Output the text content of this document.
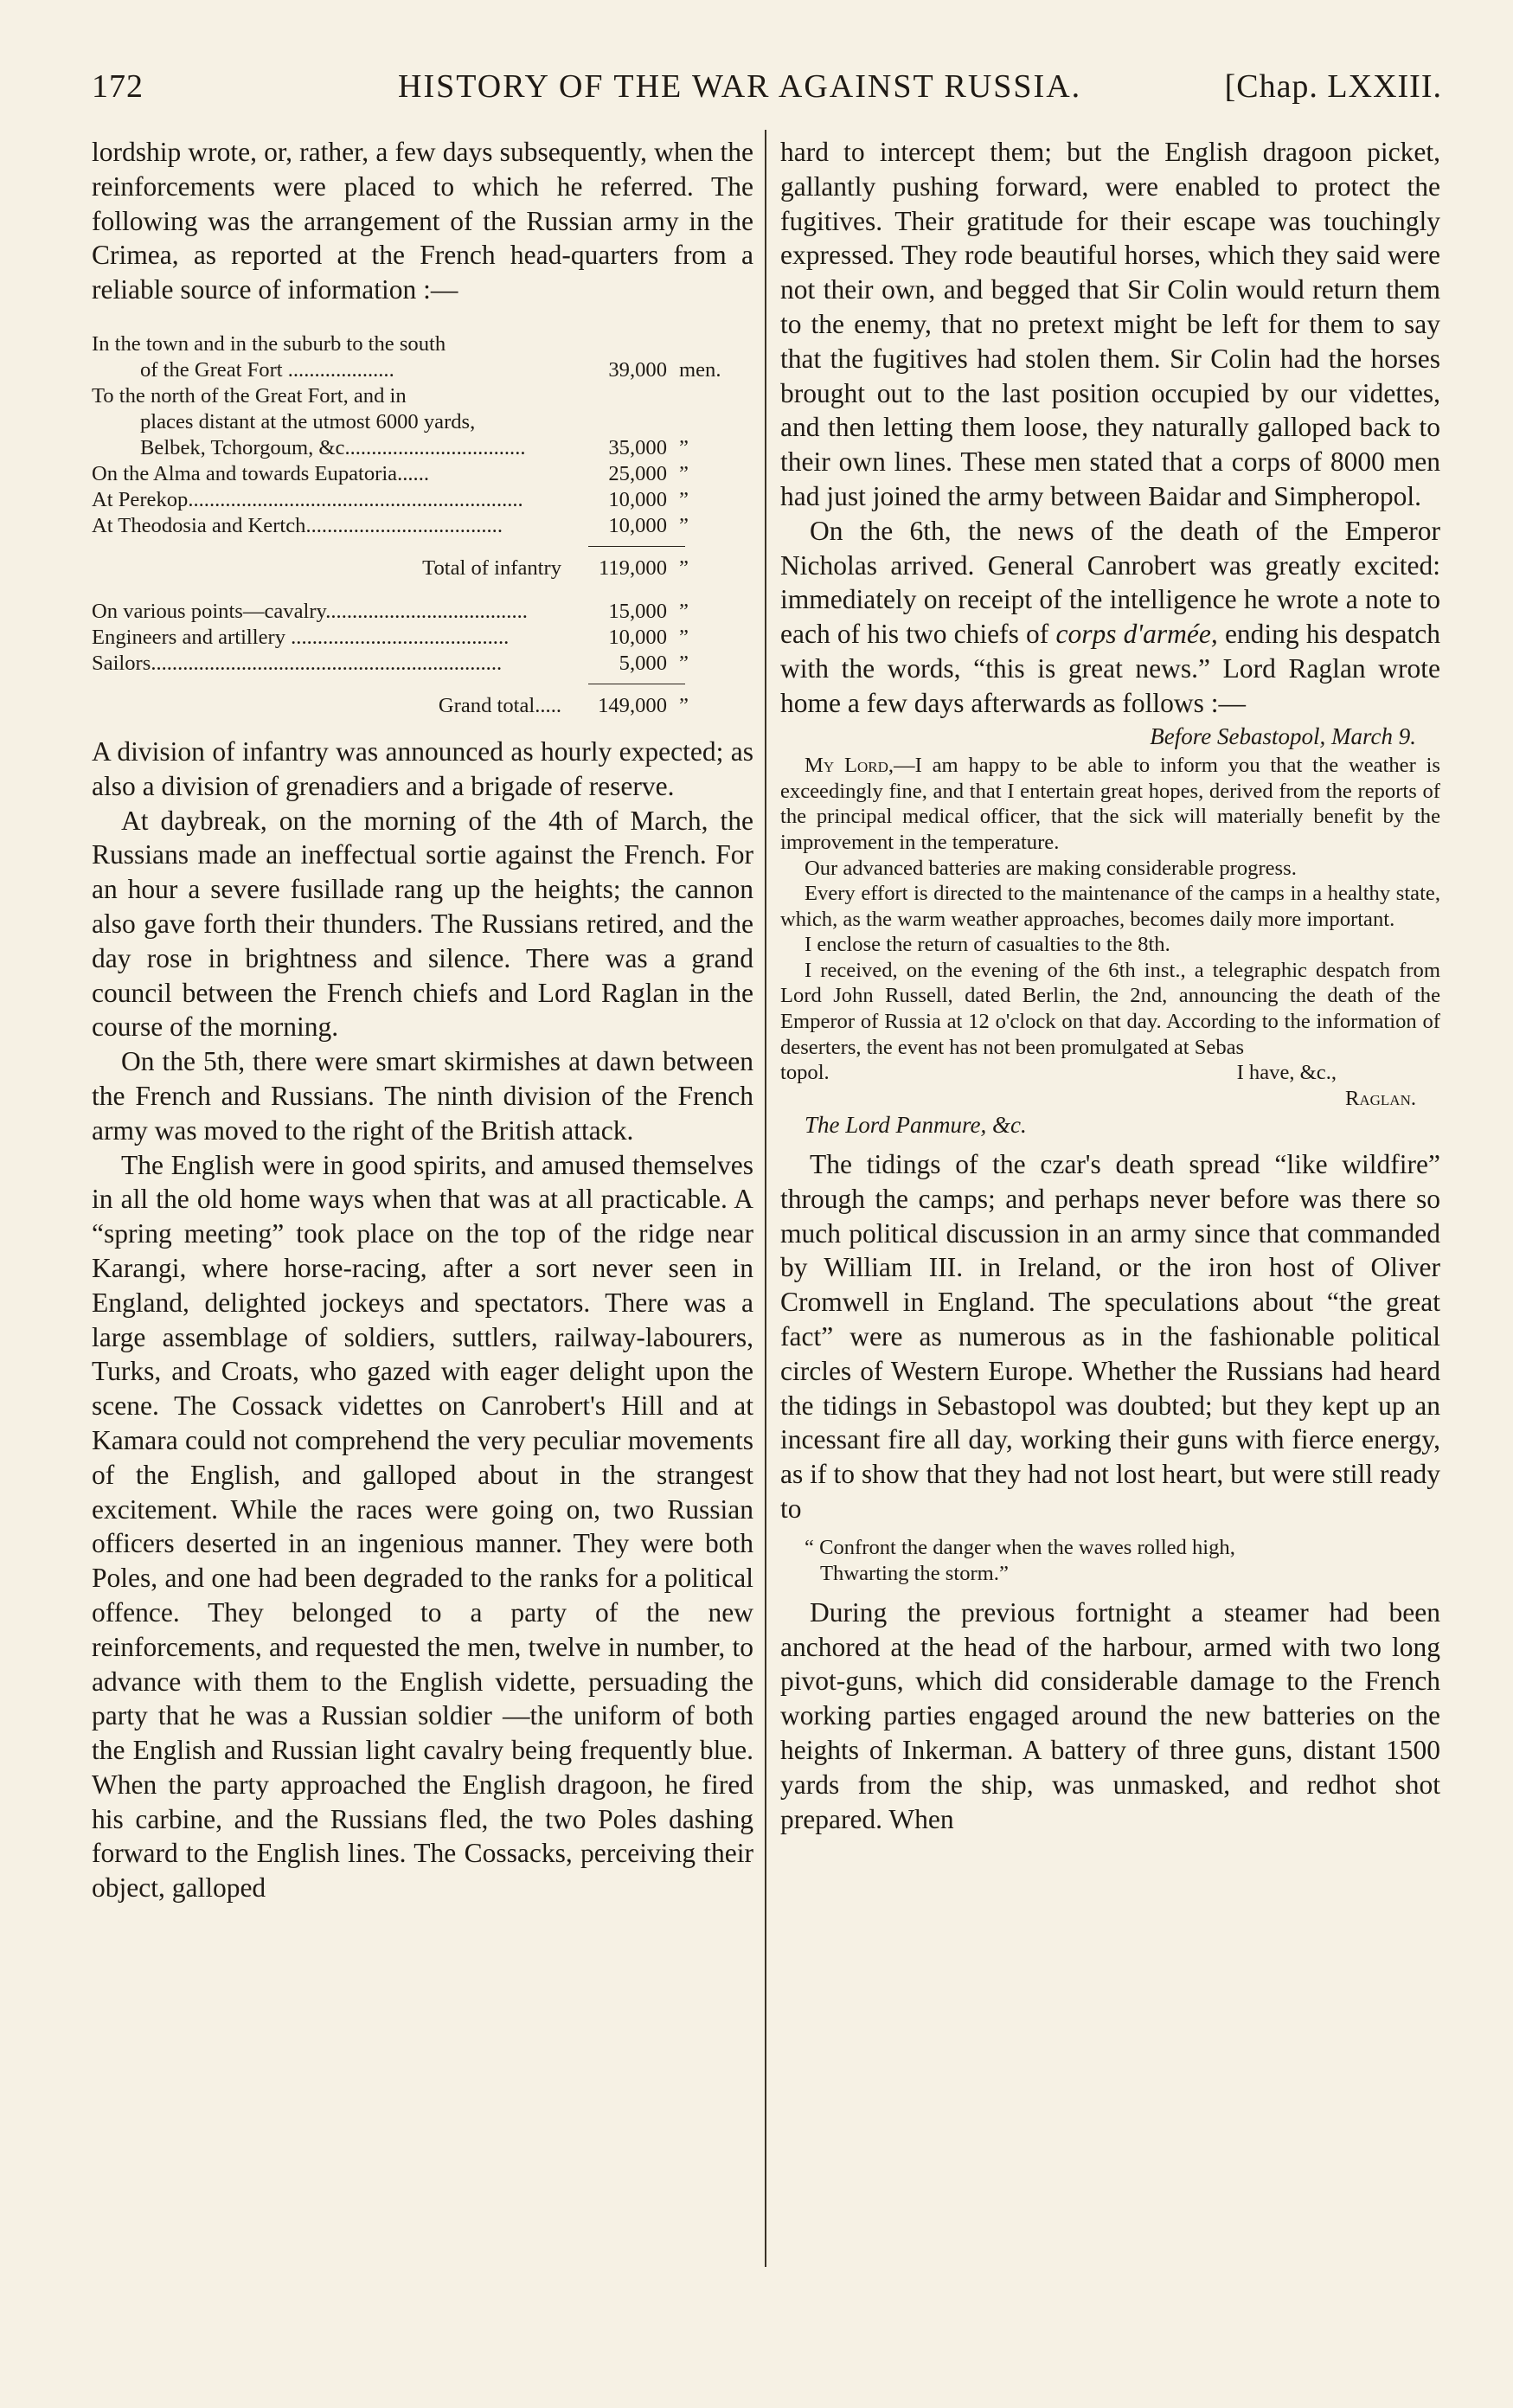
172	HISTORY OF THE WAR AGAINST RUSSIA.	[Chap. LXXIII.

lordship wrote, or, rather, a few days subsequently, when the reinforcements were placed to which he referred. The following was the arrangement of the Russian army in the Crimea, as reported at the French head-quarters from a reliable source of information :—

In the town and in the suburb to the south
of the Great Fort ....................	39,000 men.
To the north of the Great Fort, and in
places distant at the utmost 6000 yards,
Belbek, Tchorgoum, &c..................................	35,000 ”
On the Alma and towards Eupatoria......	25,000 ”
At Perekop...............................................................	10,000 ”
At Theodosia and Kertch.....................................	10,000 ”
Total of infantry	119,000 ”
On various points—cavalry......................................	15,000 ”
Engineers and artillery .........................................	10,000 ”
Sailors..................................................................	5,000 ”
Grand total.....	149,000 ”

A division of infantry was announced as hourly expected; as also a division of grenadiers and a brigade of reserve.

At daybreak, on the morning of the 4th of March, the Russians made an ineffectual sortie against the French. For an hour a severe fusillade rang up the heights; the cannon also gave forth their thunders. The Russians retired, and the day rose in brightness and silence. There was a grand council between the French chiefs and Lord Raglan in the course of the morning.

On the 5th, there were smart skirmishes at dawn between the French and Russians. The ninth division of the French army was moved to the right of the British attack.

The English were in good spirits, and amused themselves in all the old home ways when that was at all practicable. A “spring meeting” took place on the top of the ridge near Karangi, where horse-racing, after a sort never seen in England, delighted jockeys and spectators. There was a large assemblage of soldiers, suttlers, railway-labourers, Turks, and Croats, who gazed with eager delight upon the scene. The Cossack videttes on Canrobert's Hill and at Kamara could not comprehend the very peculiar movements of the English, and galloped about in the strangest excitement. While the races were going on, two Russian officers deserted in an ingenious manner. They were both Poles, and one had been degraded to the ranks for a political offence. They belonged to a party of the new reinforcements, and requested the men, twelve in number, to advance with them to the English vidette, persuading the party that he was a Russian soldier —the uniform of both the English and Russian light cavalry being frequently blue. When the party approached the English dragoon, he fired his carbine, and the Russians fled, the two Poles dashing forward to the English lines. The Cossacks, perceiving their object, galloped

hard to intercept them; but the English dragoon picket, gallantly pushing forward, were enabled to protect the fugitives. Their gratitude for their escape was touchingly expressed. They rode beautiful horses, which they said were not their own, and begged that Sir Colin would return them to the enemy, that no pretext might be left for them to say that the fugitives had stolen them. Sir Colin had the horses brought out to the last position occupied by our videttes, and then letting them loose, they naturally galloped back to their own lines. These men stated that a corps of 8000 men had just joined the army between Baidar and Simpheropol.

On the 6th, the news of the death of the Emperor Nicholas arrived. General Canrobert was greatly excited: immediately on receipt of the intelligence he wrote a note to each of his two chiefs of corps d'armée, ending his despatch with the words, “this is great news.” Lord Raglan wrote home a few days afterwards as follows :—

Before Sebastopol, March 9.
My Lord,—I am happy to be able to inform you that the weather is exceedingly fine, and that I entertain great hopes, derived from the reports of the principal medical officer, that the sick will materially benefit by the improvement in the temperature.
Our advanced batteries are making considerable progress.
Every effort is directed to the maintenance of the camps in a healthy state, which, as the warm weather approaches, becomes daily more important.
I enclose the return of casualties to the 8th.
I received, on the evening of the 6th inst., a telegraphic despatch from Lord John Russell, dated Berlin, the 2nd, announcing the death of the Emperor of Russia at 12 o'clock on that day. According to the information of deserters, the event has not been promulgated at Sebas
topol.	I have, &c.,
Raglan.
The Lord Panmure, &c.

The tidings of the czar's death spread “like wildfire” through the camps; and perhaps never before was there so much political discussion in an army since that commanded by William III. in Ireland, or the iron host of Oliver Cromwell in England. The speculations about “the great fact” were as numerous as in the fashionable political circles of Western Europe. Whether the Russians had heard the tidings in Sebastopol was doubted; but they kept up an incessant fire all day, working their guns with fierce energy, as if to show that they had not lost heart, but were still ready to

“ Confront the danger when the waves rolled high,
Thwarting the storm.”

During the previous fortnight a steamer had been anchored at the head of the harbour, armed with two long pivot-guns, which did considerable damage to the French working parties engaged around the new batteries on the heights of Inkerman. A battery of three guns, distant 1500 yards from the ship, was unmasked, and redhot shot prepared. When
